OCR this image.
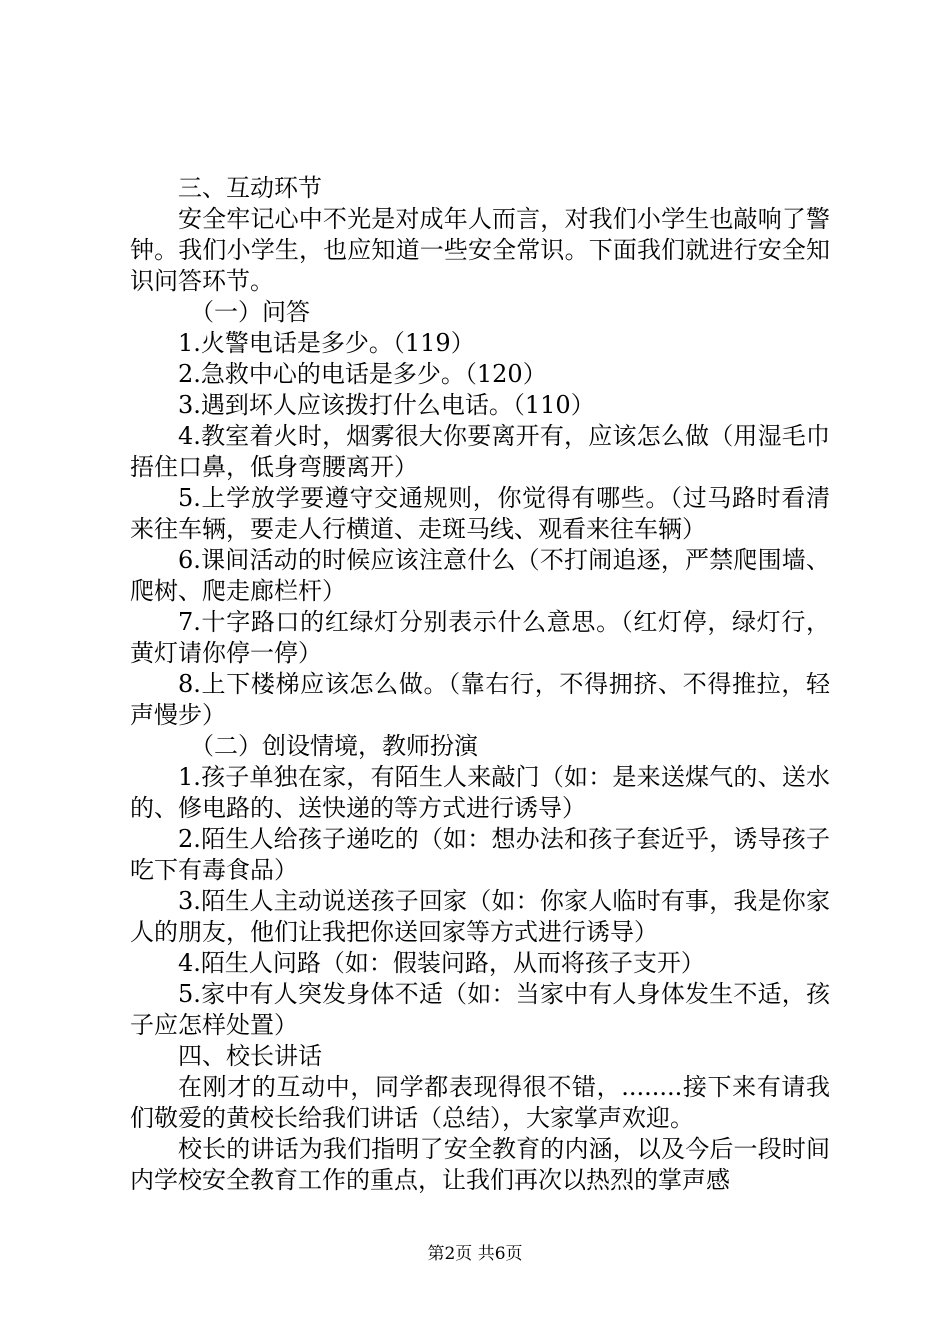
三、互动环节

安全牢记心中不光是对成年人而言，对我们小学生也敲响了警钟。我们小学生，也应知道一些安全常识。下面我们就进行安全知识问答环节。

（一）问答

1.火警电话是多少。（119）

2.急救中心的电话是多少。（120）

3.遇到坏人应该拨打什么电话。（110）

4.教室着火时，烟雾很大你要离开有，应该怎么做（用湿毛巾捂住口鼻，低身弯腰离开）

5.上学放学要遵守交通规则，你觉得有哪些。（过马路时看清来往车辆，要走人行横道、走斑马线、观看来往车辆）

6.课间活动的时候应该注意什么（不打闹追逐，严禁爬围墙、爬树、爬走廊栏杆）

7.十字路口的红绿灯分别表示什么意思。（红灯停，绿灯行，黄灯请你停一停）

8.上下楼梯应该怎么做。（靠右行，不得拥挤、不得推拉，轻声慢步）

（二）创设情境，教师扮演

1.孩子单独在家，有陌生人来敲门（如：是来送煤气的、送水的、修电路的、送快递的等方式进行诱导）

2.陌生人给孩子递吃的（如：想办法和孩子套近乎，诱导孩子吃下有毒食品）

3.陌生人主动说送孩子回家（如：你家人临时有事，我是你家人的朋友，他们让我把你送回家等方式进行诱导）

4.陌生人问路（如：假装问路，从而将孩子支开）

5.家中有人突发身体不适（如：当家中有人身体发生不适，孩子应怎样处置）

四、校长讲话

在刚才的互动中，同学都表现得很不错，........接下来有请我们敬爱的黄校长给我们讲话（总结），大家掌声欢迎。

校长的讲话为我们指明了安全教育的内涵，以及今后一段时间内学校安全教育工作的重点，让我们再次以热烈的掌声感

第2页 共6页
